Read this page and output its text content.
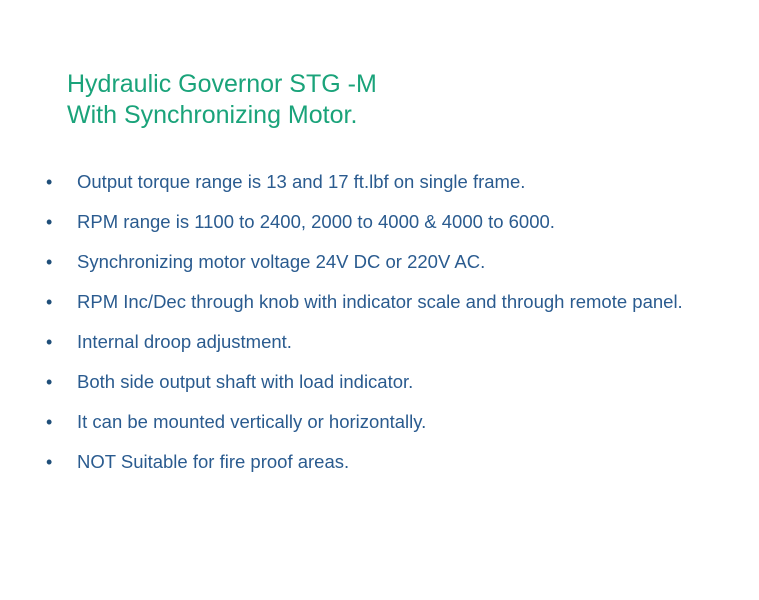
Hydraulic Governor STG -M
With Synchronizing Motor.
• Output torque range is 13 and 17 ft.lbf on single frame.
• RPM range is 1100 to 2400, 2000 to 4000 & 4000 to 6000.
• Synchronizing motor voltage 24V DC or 220V AC.
• RPM Inc/Dec through knob with indicator scale and through remote panel.
• Internal droop adjustment.
• Both side output shaft with load indicator.
• It can be mounted vertically or horizontally.
• NOT Suitable for fire proof areas.
